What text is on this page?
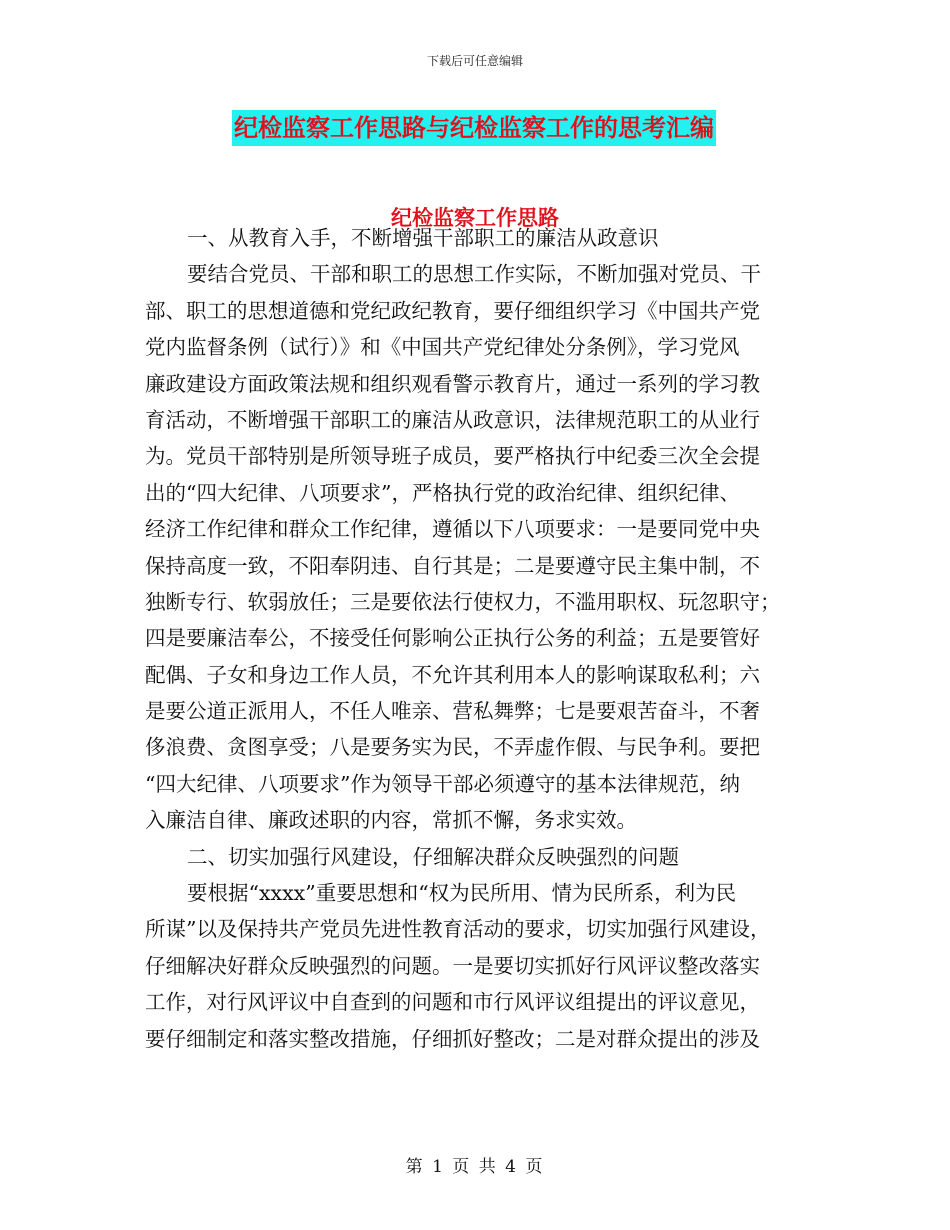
下载后可任意编辑
纪检监察工作思路与纪检监察工作的思考汇编
纪检监察工作思路
一、从教育入手，不断增强干部职工的廉洁从政意识
要结合党员、干部和职工的思想工作实际，不断加强对党员、干
部、职工的思想道德和党纪政纪教育，要仔细组织学习《中国共产党
党内监督条例（试行）》和《中国共产党纪律处分条例》，学习党风
廉政建设方面政策法规和组织观看警示教育片，通过一系列的学习教
育活动，不断增强干部职工的廉洁从政意识，法律规范职工的从业行
为。党员干部特别是所领导班子成员，要严格执行中纪委三次全会提
出的“四大纪律、八项要求”，严格执行党的政治纪律、组织纪律、
经济工作纪律和群众工作纪律，遵循以下八项要求：一是要同党中央
保持高度一致，不阳奉阴违、自行其是；二是要遵守民主集中制，不
独断专行、软弱放任；三是要依法行使权力，不滥用职权、玩忽职守；
四是要廉洁奉公，不接受任何影响公正执行公务的利益；五是要管好
配偶、子女和身边工作人员，不允许其利用本人的影响谋取私利；六
是要公道正派用人，不任人唯亲、营私舞弊；七是要艰苦奋斗，不奢
侈浪费、贪图享受；八是要务实为民，不弄虚作假、与民争利。要把
“四大纪律、八项要求”作为领导干部必须遵守的基本法律规范，纳
入廉洁自律、廉政述职的内容，常抓不懈，务求实效。
二、切实加强行风建设，仔细解决群众反映强烈的问题
要根据“xxxx”重要思想和“权为民所用、情为民所系，利为民
所谋”以及保持共产党员先进性教育活动的要求，切实加强行风建设，
仔细解决好群众反映强烈的问题。一是要切实抓好行风评议整改落实
工作，对行风评议中自查到的问题和市行风评议组提出的评议意见，
要仔细制定和落实整改措施，仔细抓好整改；二是对群众提出的涉及
第 1 页 共 4 页
